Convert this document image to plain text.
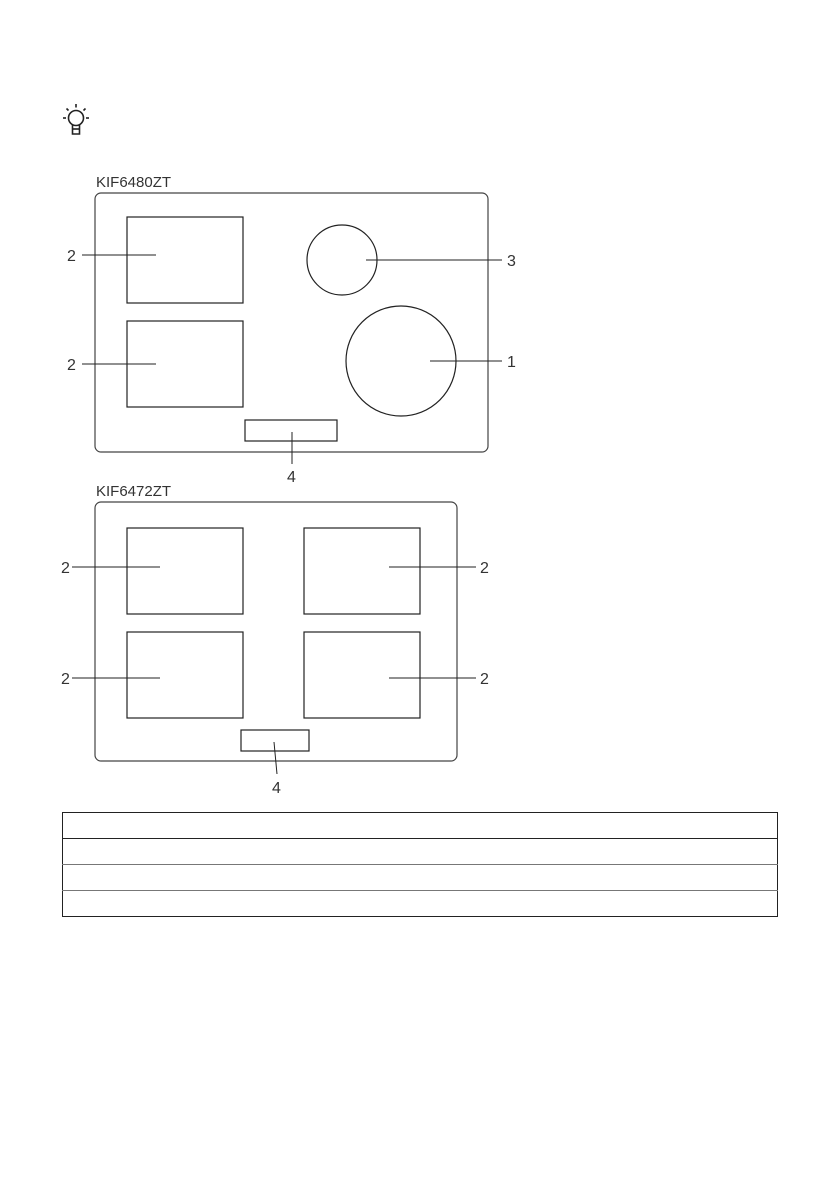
KIF6480ZT
2
2
3
1
4
KIF6472ZT
2
2
2
2
4
